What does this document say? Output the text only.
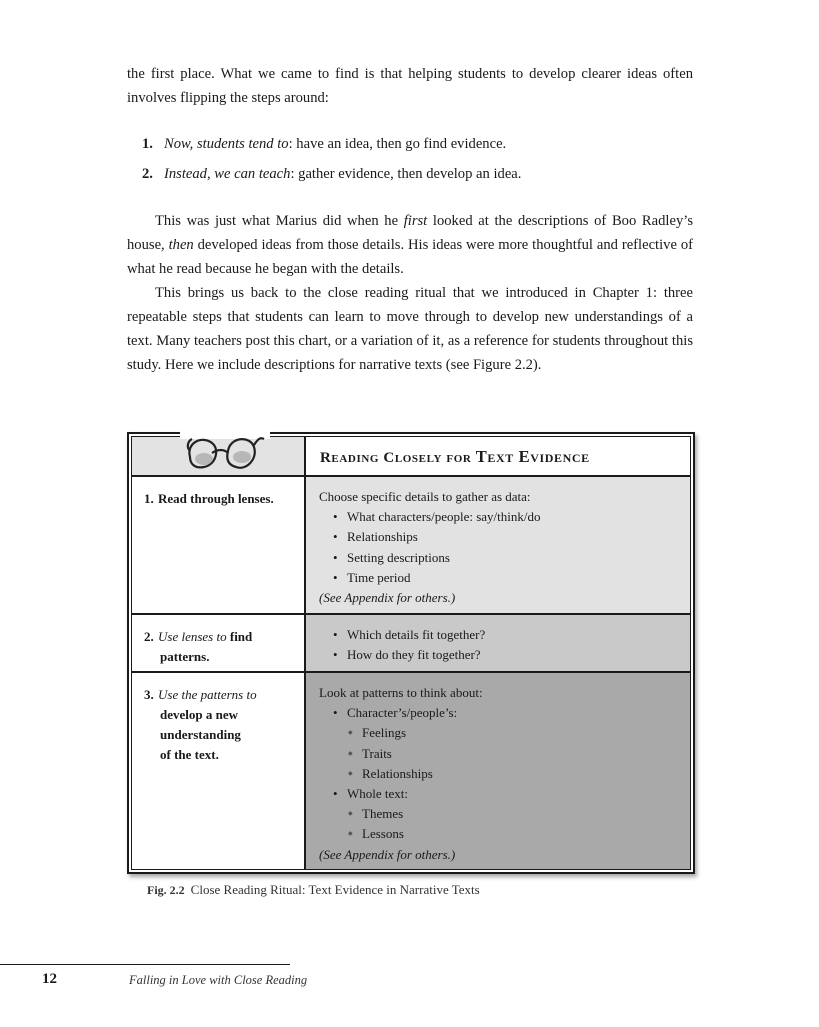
the first place. What we came to find is that helping students to develop clearer ideas often

involves flipping the steps around:

1. Now, students tend to: have an idea, then go find evidence.
2. Instead, we can teach: gather evidence, then develop an idea.

This was just what Marius did when he first looked at the descriptions of Boo Radley’s house, then developed ideas from those details. His ideas were more thoughtful and reflective of what he read because he began with the details.

This brings us back to the close reading ritual that we introduced in Chapter 1: three repeatable steps that students can learn to move through to develop new understandings of a text. Many teachers post this chart, or a variation of it, as a reference for students throughout this study. Here we include descriptions for narrative texts (see Figure 2.2).

Reading Closely for Text Evidence
1. Read through lenses.	Choose specific details to gather as data:
• What characters/people: say/think/do
• Relationships
• Setting descriptions
• Time period
(See Appendix for others.)
2. Use lenses to find
patterns.
• Which details fit together?
• How do they fit together?
3. Use the patterns to
develop a new
understanding
of the text.
Look at patterns to think about:
• Character’s/people’s:
◆ Feelings
◆ Traits
◆ Relationships
• Whole text:
◆ Themes
◆ Lessons
(See Appendix for others.)
Fig. 2.2 Close Reading Ritual: Text Evidence in Narrative Texts
12	Falling in Love with Close Reading
